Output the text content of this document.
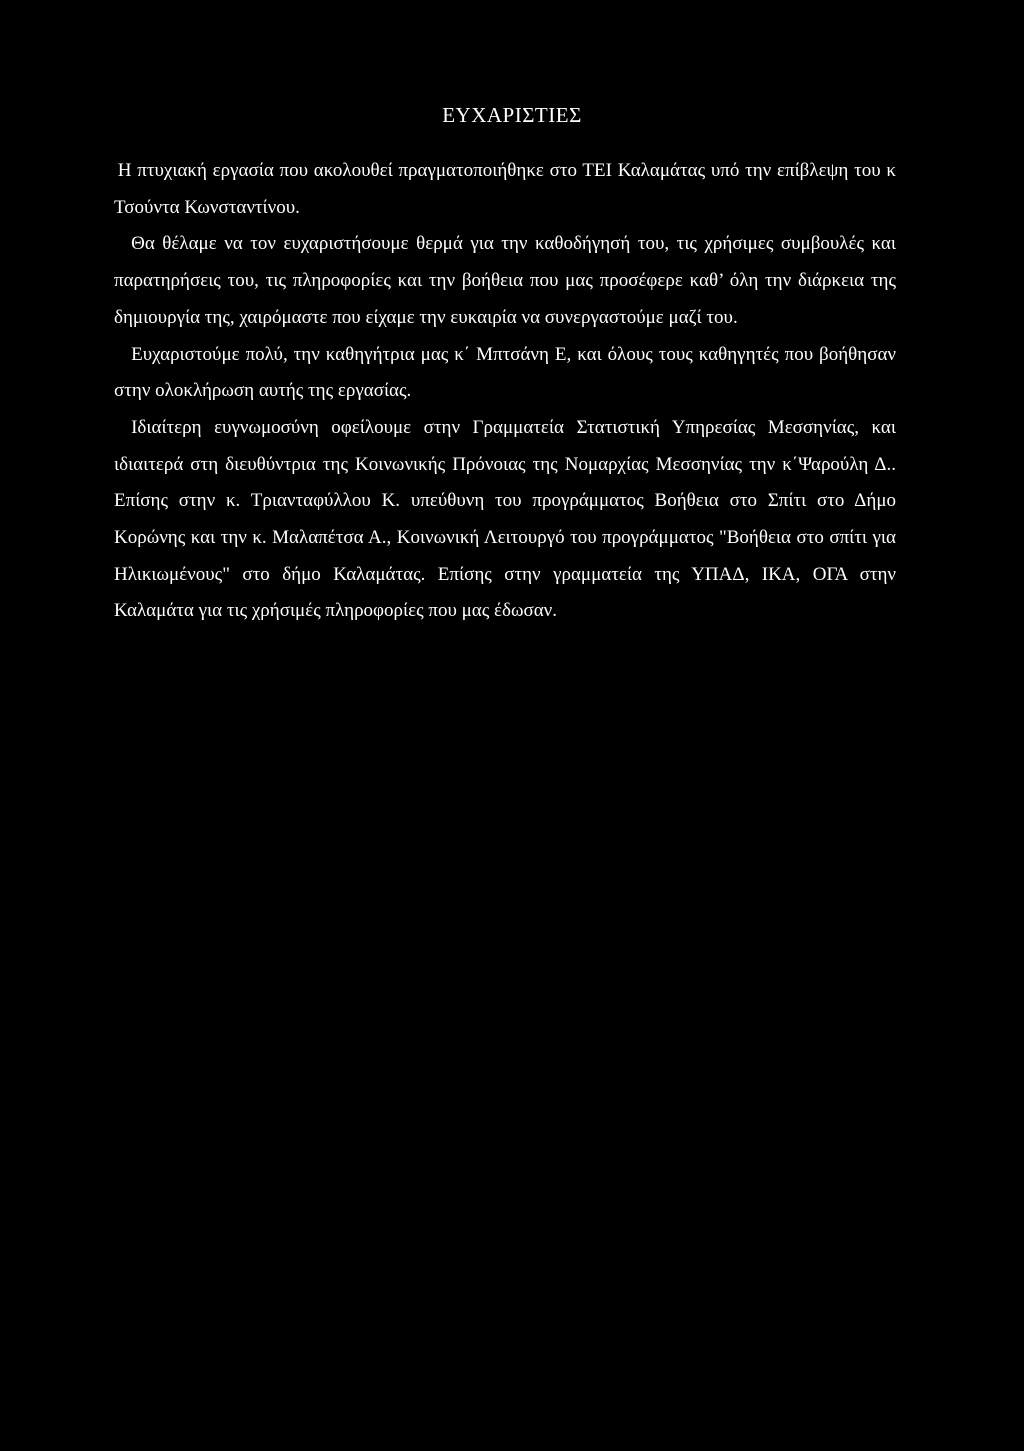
ΕΥΧΑΡΙΣΤΙΕΣ

Η πτυχιακή εργασία που ακολουθεί πραγματοποιήθηκε στο ΤΕΙ Καλαμάτας υπό την επίβλεψη του κ Τσούντα Κωνσταντίνου.

Θα θέλαμε να τον ευχαριστήσουμε θερμά για την καθοδήγησή του, τις χρήσιμες συμβουλές και παρατηρήσεις του, τις πληροφορίες και την βοήθεια που μας προσέφερε καθ’ όλη την διάρκεια της δημιουργία της, χαιρόμαστε που είχαμε την ευκαιρία να συνεργαστούμε μαζί του.

Ευχαριστούμε πολύ, την καθηγήτρια μας κ΄ Μπτσάνη Ε, και όλους τους καθηγητές που βοήθησαν στην ολοκλήρωση αυτής της εργασίας.

Ιδιαίτερη ευγνωμοσύνη οφείλουμε στην Γραμματεία Στατιστική Υπηρεσίας Μεσσηνίας, και ιδιαιτερά στη διευθύντρια της Κοινωνικής Πρόνοιας της Νομαρχίας Μεσσηνίας την κ΄Ψαρούλη Δ.. Επίσης στην κ. Τριανταφύλλου Κ. υπεύθυνη του προγράμματος Βοήθεια στο Σπίτι στο Δήμο Κορώνης και την κ. Μαλαπέτσα Α., Κοινωνική Λειτουργό του προγράμματος "Βοήθεια στο σπίτι για Ηλικιωμένους" στο δήμο Καλαμάτας. Επίσης στην γραμματεία της ΥΠΑΔ, ΙΚΑ, ΟΓΑ στην Καλαμάτα για τις χρήσιμές πληροφορίες που μας έδωσαν.
